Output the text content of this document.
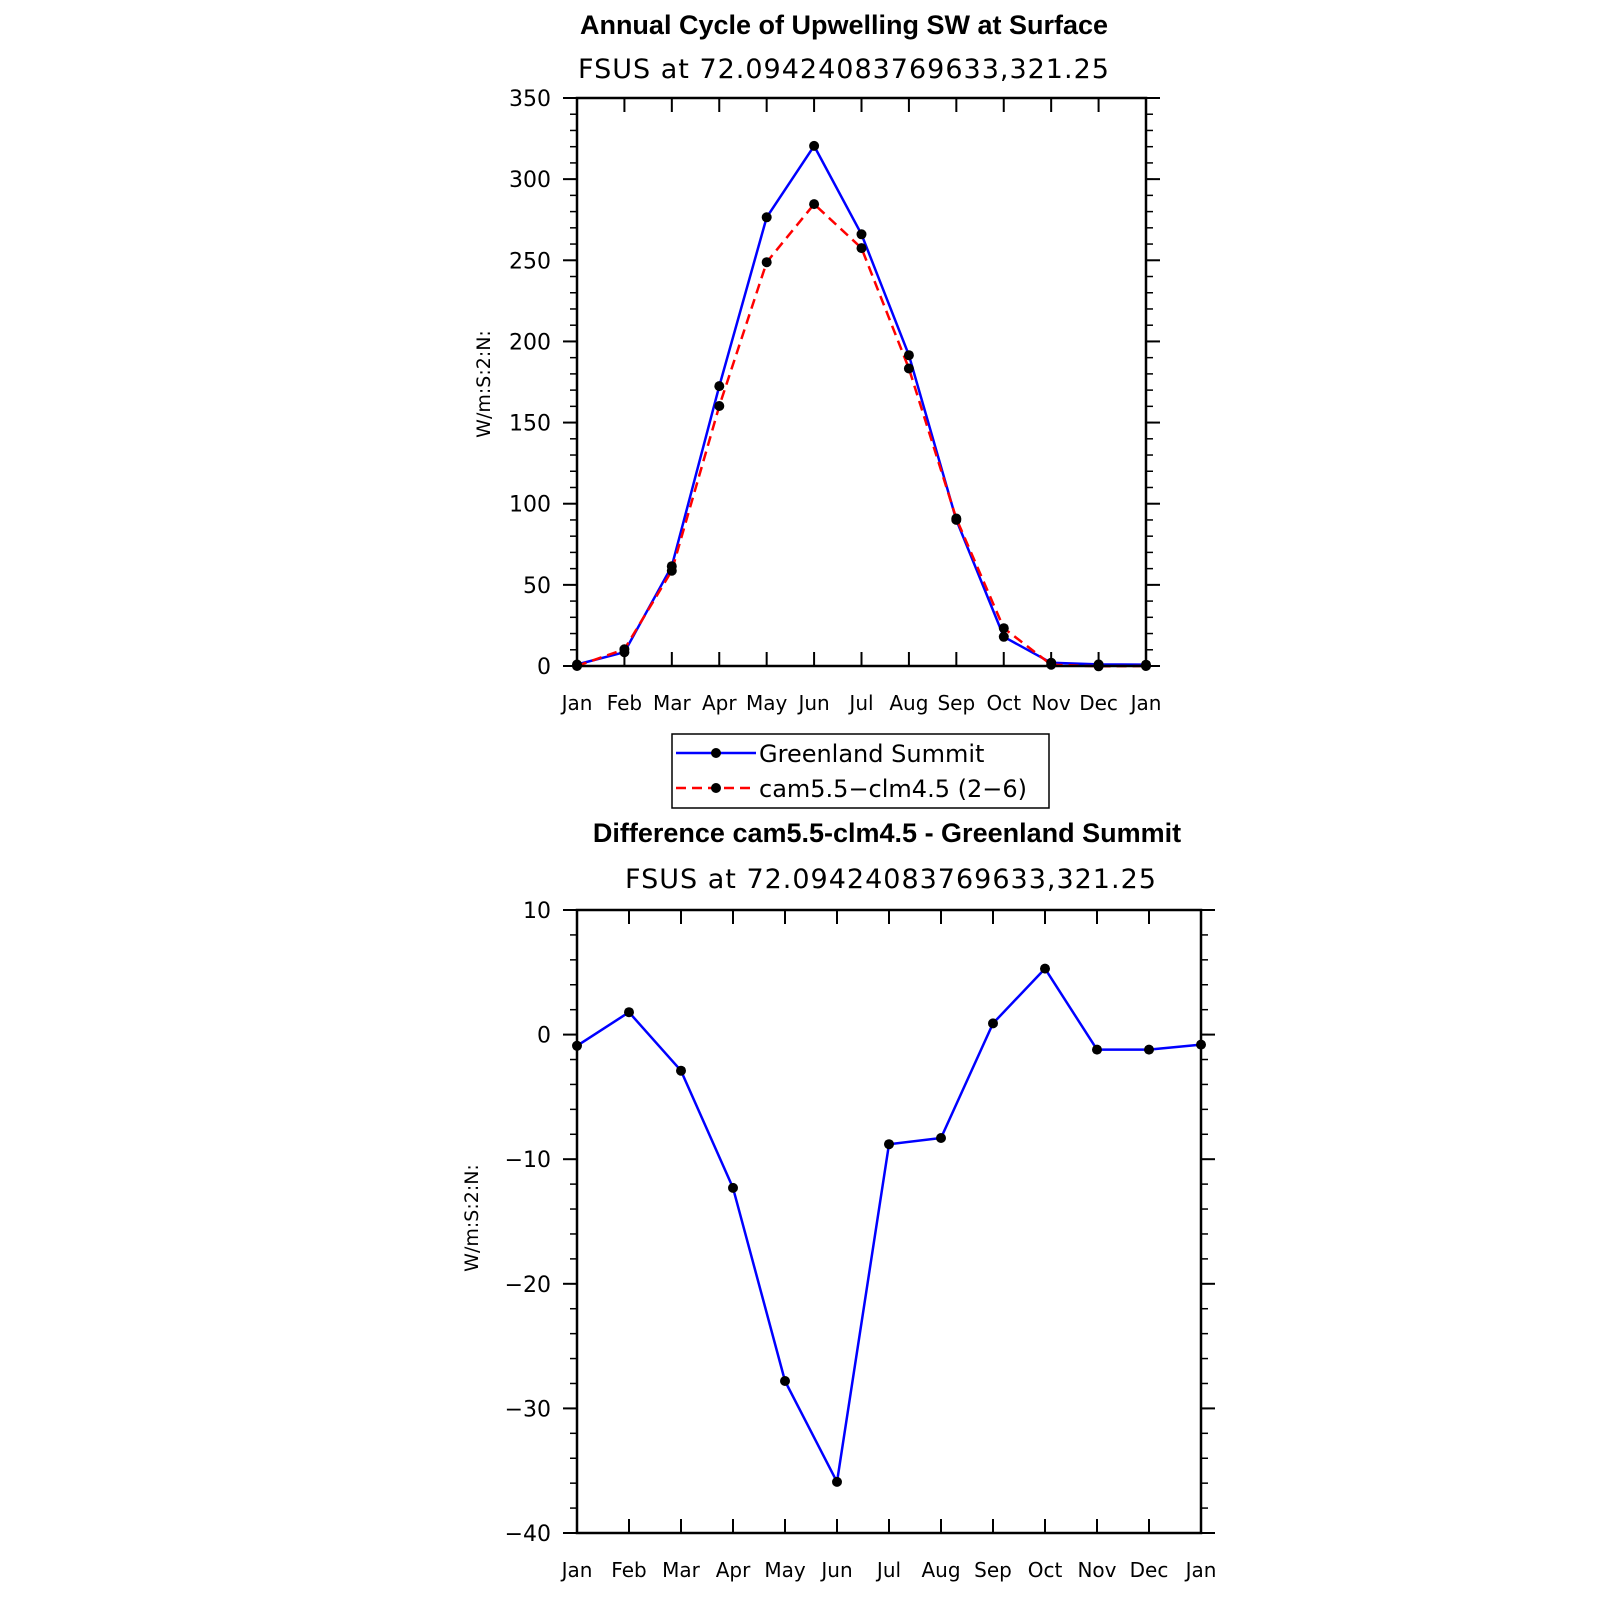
Annual Cycle of Upwelling SW at Surface
FSUS at 72.09424083769633,321.25
W/m:S:2:N:
Jan Feb Mar Apr May Jun Jul Aug Sep Oct Nov Dec Jan
0
50
100
150
200
250
300
350
Greenland Summit
cam5.5−clm4.5 (2−6)
Difference cam5.5-clm4.5 - Greenland Summit
FSUS at 72.09424083769633,321.25
W/m:S:2:N:
Jan Feb Mar Apr May Jun Jul Aug Sep Oct Nov Dec Jan
−40
−30
−20
−10
0
10
